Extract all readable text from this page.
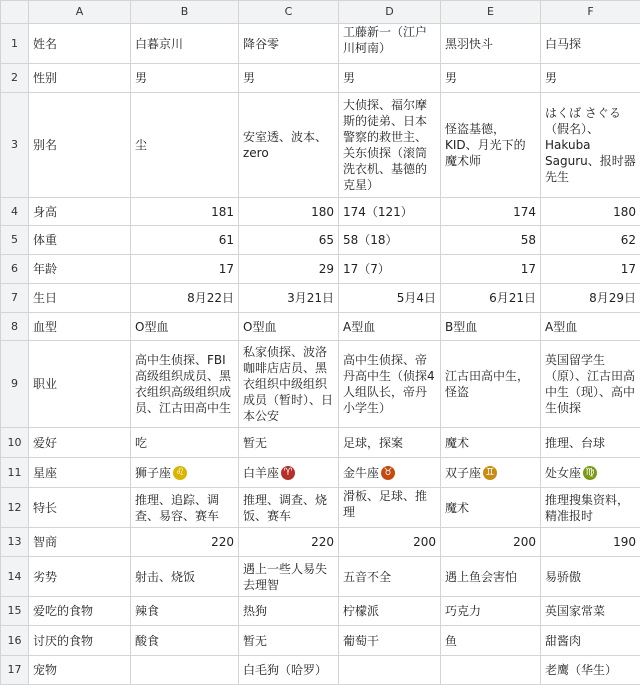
	A	B	C	D	E	F
1	姓名	白暮京川	降谷零	工藤新一（江户川柯南）	黑羽快斗	白马探
2	性别	男	男	男	男	男
3	别名	尘	安室透、波本、zero	大侦探、福尔摩斯的徒弟、日本警察的救世主、关东侦探（滚筒洗衣机、基德的克星）	怪盗基德，KID、月光下的魔术师	はくば さぐる（假名）、Hakuba Saguru、报时器先生
4	身高	181	180	174（121）	174	180
5	体重	61	65	58（18）	58	62
6	年龄	17	29	17（7）	17	17
7	生日	8月22日	3月21日	5月4日	6月21日	8月29日
8	血型	O型血	O型血	A型血	B型血	A型血
9	职业	高中生侦探、FBI高级组织成员、黑衣组织高级组织成员、江古田高中生	私家侦探、波洛咖啡店店员、黑衣组织中级组织成员（暂时）、日本公安	高中生侦探、帝丹高中生（侦探4人组队长，帝丹小学生）	江古田高中生，怪盗	英国留学生（原）、江古田高中生（现）、高中生侦探
10	爱好	吃	暂无	足球，探案	魔术	推理、台球
11	星座	狮子座 ♌	白羊座 ♈	金牛座 ♉	双子座 ♊	处女座 ♍
12	特长	推理、追踪、调查、易容、赛车	推理、调查、烧饭、赛车	滑板、足球、推理	魔术	推理搜集资料，精准报时
13	智商	220	220	200	200	190
14	劣势	射击、烧饭	遇上一些人易失去理智	五音不全	遇上鱼会害怕	易骄傲
15	爱吃的食物	辣食	热狗	柠檬派	巧克力	英国家常菜
16	讨厌的食物	酸食	暂无	葡萄干	鱼	甜酱肉
17	宠物		白毛狗（哈罗）			老鹰（华生）
